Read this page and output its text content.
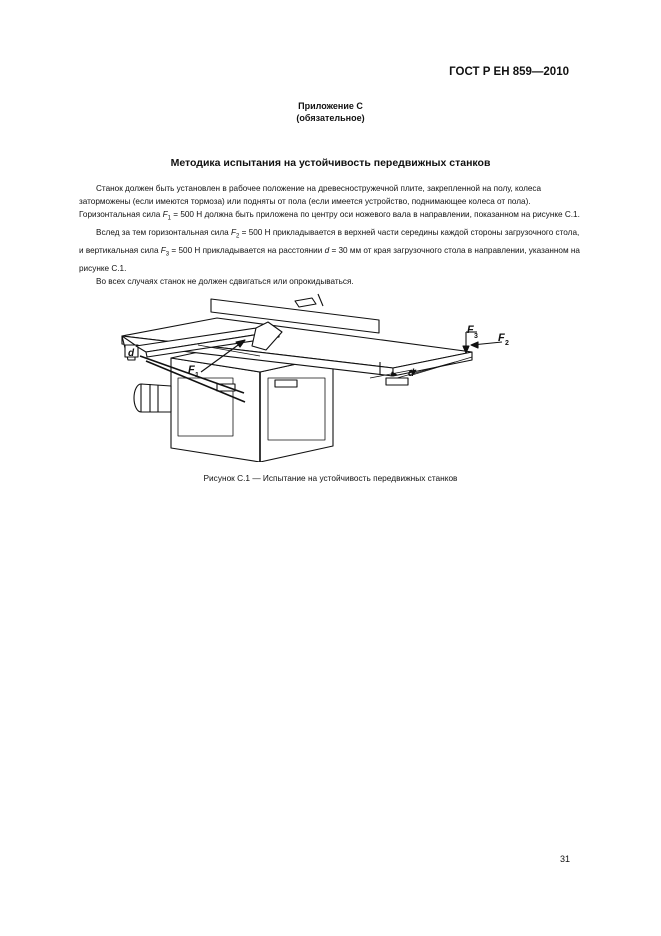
ГОСТ Р ЕН 859—2010
Приложение С
(обязательное)
Методика испытания на устойчивость передвижных станков

Станок должен быть установлен в рабочее положение на древесностружечной плите, закрепленной на полу, колеса заторможены (если имеются тормоза) или подняты от пола (если имеется устройство, поднимающее колеса от пола). Горизонтальная сила $F_1 = 500$ Н должна быть приложена по центру оси ножевого вала в направлении, показанном на рисунке С.1.

Вслед за тем горизонтальная сила $F_2 = 500$ Н прикладывается в верхней части середины каждой стороны загрузочного стола, и вертикальная сила $F_3 = 500$ Н прикладывается на расстоянии d = 30 мм от края загрузочного стола в направлении, указанном на рисунке С.1.

Во всех случаях станок не должен сдвигаться или опрокидываться.

d
d
F 1
F
3 F 2
Рисунок С.1 — Испытание на устойчивость передвижных станков
31
